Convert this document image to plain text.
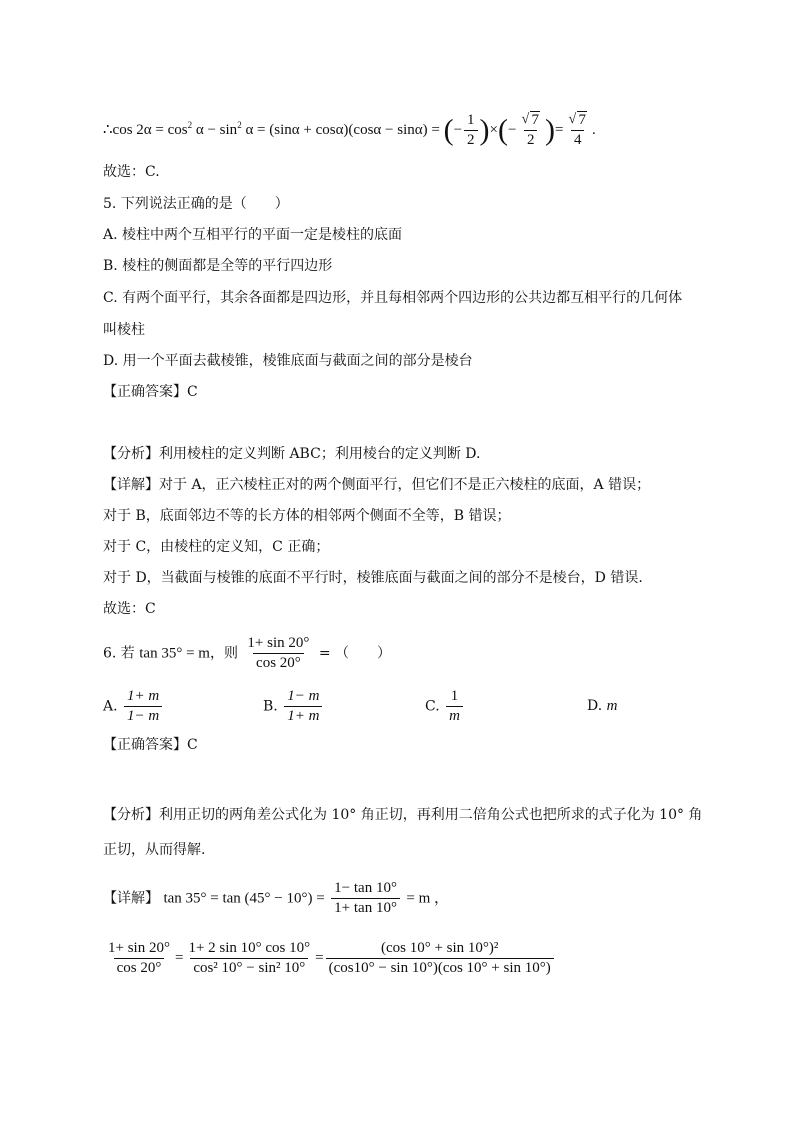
∴cos $2\alpha = \cos^2 \alpha - \sin^2 \alpha = (\sin\alpha + \cos\alpha)(\cos\alpha - \sin\alpha)$ = (− $\frac{1}{2}$ )×(− √ $\frac{7}{2}$ )= √ $\frac{7}{4}$ .
故选：C.
5. 下列说法正确的是（　　）
A. 棱柱中两个互相平行的平面一定是棱柱的底面
B. 棱柱的侧面都是全等的平行四边形
C. 有两个面平行，其余各面都是四边形，并且每相邻两个四边形的公共边都互相平行的几何体
叫棱柱
D. 用一个平面去截棱锥，棱锥底面与截面之间的部分是棱台
【正确答案】C
【分析】利用棱柱的定义判断 ABC；利用棱台的定义判断 D.
【详解】对于 A，正六棱柱正对的两个侧面平行，但它们不是正六棱柱的底面，A 错误；
对于 B，底面邻边不等的长方体的相邻两个侧面不全等，B 错误；
对于 C，由棱柱的定义知，C 正确；
对于 D，当截面与棱锥的底面不平行时，棱锥底面与截面之间的部分不是棱台，D 错误.
故选：C
6. 若 tan 35° = m，则 $\frac{1+ \sin 20^\circ}{\cos 20^\circ}$ = （　　）
A. $\frac{1+ m}{1- m}$	B. $\frac{1- m}{1+ m}$	C. $\frac{1}{m}$	D. m
【正确答案】C
【分析】利用正切的两角差公式化为 10° 角正切，再利用二倍角公式也把所求的式子化为 10° 角
正切，从而得解.
【详解】 $\tan 35^\circ = \tan (45^\circ - 10^\circ) = \frac{1- \tan 10^\circ}{1+ \tan 10^\circ} = m$ ，
$\frac{1+ \sin 20^\circ}{\cos 20^\circ} = \frac{1+ 2 \sin 10^\circ \cos 10^\circ}{\text{cos² 10° − sin² 10°}} = \frac{\text{(cos 10° + sin 10°)²}}{(\cos 10^\circ - \sin 10^\circ)(\cos 10^\circ + \sin 10^\circ)}$
